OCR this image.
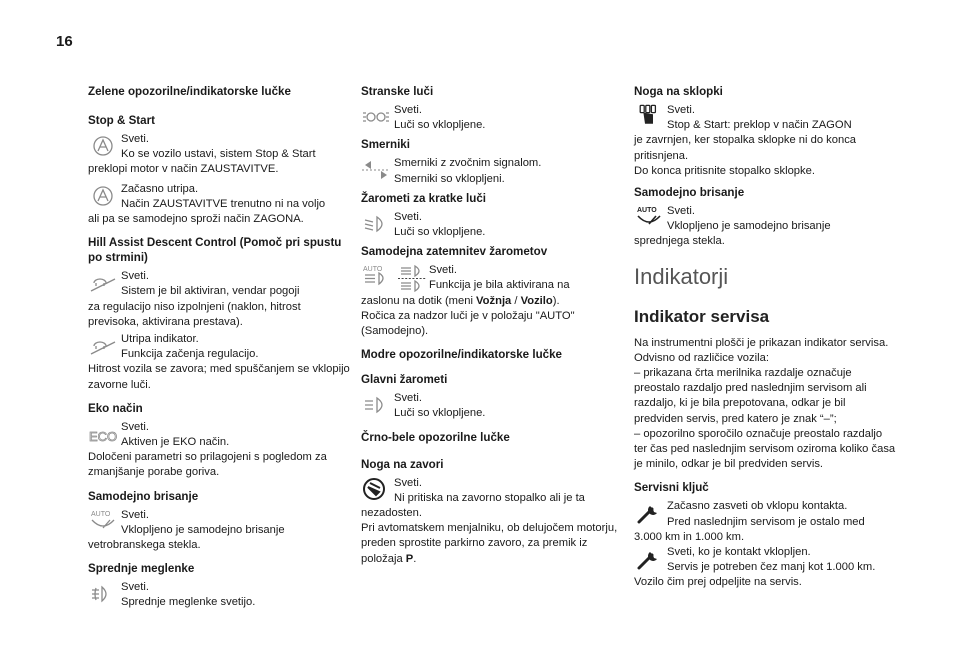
16
Zelene opozorilne/indikatorske lučke
Stop & Start
Sveti.
Ko se vozilo ustavi, sistem Stop & Start
preklopi motor v način ZAUSTAVITVE.
Začasno utripa.
Način ZAUSTAVITVE trenutno ni na voljo
ali pa se samodejno sproži način ZAGONA.
Hill Assist Descent Control (Pomoč pri spustu po strmini)
Sveti.
Sistem je bil aktiviran, vendar pogoji
za regulacijo niso izpolnjeni (naklon, hitrost previsoka, aktivirana prestava).
Utripa indikator.
Funkcija začenja regulacijo.
Hitrost vozila se zavora; med spuščanjem se vklopijo zavorne luči.
Eko način
ECO
Sveti.
Aktiven je EKO način.
Določeni parametri so prilagojeni s pogledom za zmanjšanje porabe goriva.
Samodejno brisanje
AUTO Sveti.
Vklopljeno je samodejno brisanje
vetrobranskega stekla.
Sprednje meglenke
Sveti.
Sprednje meglenke svetijo.
Stranske luči
Sveti.
Luči so vklopljene.
Smerniki
Smerniki z zvočnim signalom.
Smerniki so vklopljeni.
Žarometi za kratke luči
Sveti.
Luči so vklopljene.
Samodejna zatemnitev žarometov
AUTO	Sveti.
Funkcija je bila aktivirana na
zaslonu na dotik (meni Vožnja / Vozilo).
Ročica za nadzor luči je v položaju "AUTO" (Samodejno).
Modre opozorilne/indikatorske lučke
Glavni žarometi
Sveti.
Luči so vklopljene.
Črno-bele opozorilne lučke
Noga na zavori
Sveti.
Ni pritiska na zavorno stopalko ali je ta
nezadosten.
Pri avtomatskem menjalniku, ob delujočem motorju, preden sprostite parkirno zavoro, za premik iz položaja P.
Noga na sklopki
Sveti.
Stop & Start: preklop v način ZAGON
je zavrnjen, ker stopalka sklopke ni do konca pritisnjena.
Do konca pritisnite stopalko sklopke.
Samodejno brisanje
AUTO Sveti.
Vklopljeno je samodejno brisanje
sprednjega stekla.
Indikatorji
Indikator servisa
Na instrumentni plošči je prikazan indikator servisa. Odvisno od različice vozila:
– prikazana črta merilnika razdalje označuje preostalo razdaljo pred naslednjim servisom ali razdaljo, ki je bila prepotovana, odkar je bil predviden servis, pred katero je znak “–”;
– opozorilno sporočilo označuje preostalo razdaljo ter čas ped naslednjim servisom oziroma koliko časa je minilo, odkar je bil predviden servis.
Servisni ključ
Začasno zasveti ob vklopu kontakta.
Pred naslednjim servisom je ostalo med
3.000 km in 1.000 km.
Sveti, ko je kontakt vklopljen.
Servis je potreben čez manj kot 1.000 km.
Vozilo čim prej odpeljite na servis.
